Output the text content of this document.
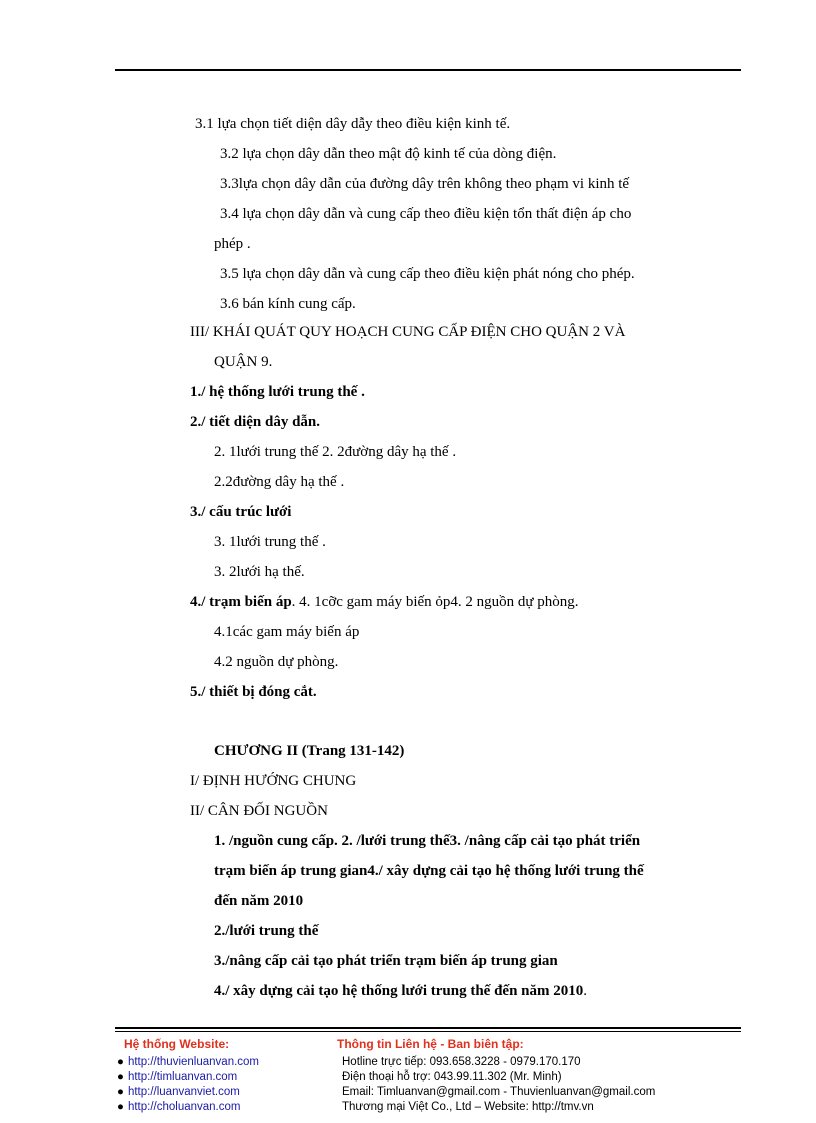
3.1 lựa chọn tiết diện dây dẫy theo điều kiện kinh tế.
3.2 lựa chọn dây dẫn theo mật độ kinh tế của dòng điện.
3.3lựa chọn dây dẫn của đường dây trên không theo phạm vi kinh tế
3.4 lựa chọn dây dẫn và cung cấp theo điều kiện tổn thất điện áp cho
phép .
3.5 lựa chọn dây dẫn và cung cấp theo điều kiện phát nóng cho phép.
3.6 bán kính cung cấp.
III/ KHÁI QUÁT QUY HOẠCH CUNG CẤP ĐIỆN CHO QUẬN 2 VÀ
QUẬN 9.
1./ hệ thống lưới trung thế .
2./ tiết diện dây dẫn.
2. 1lưới trung thế 2. 2đường dây hạ thế .
2.2đường dây hạ thế .
3./ cấu trúc lưới
3. 1lưới trung thế .
3. 2lưới hạ thế.
4./ trạm biến áp. 4. 1cỡc gam máy biến ỏp4. 2 nguồn dự phòng.
4.1các gam máy biến áp
4.2 nguồn dự phòng.
5./ thiết bị đóng cắt.
CHƯƠNG II (Trang 131-142)
I/ ĐỊNH HƯỚNG CHUNG
II/ CÂN ĐỐI NGUỒN
1. /nguồn cung cấp. 2. /lưới trung thế3. /nâng cấp cải tạo phát triển
trạm biến áp trung gian4./ xây dựng cải tạo hệ thống lưới trung thế
đến năm 2010
2./lưới trung thế
3./nâng cấp cải tạo phát triển trạm biến áp trung gian
4./ xây dựng cải tạo hệ thống lưới trung thế đến năm 2010.
Hệ thống Website:	Thông tin Liên hệ - Ban biên tập:
● http://thuvienluanvan.com
● http://timluanvan.com
● http://luanvanviet.com
● http://choluanvan.com
Hotline trực tiếp: 093.658.3228 - 0979.170.170
Điện thoại hỗ trợ: 043.99.11.302 (Mr. Minh)
Email: Timluanvan@gmail.com - Thuvienluanvan@gmail.com
Thương mại Việt Co., Ltd – Website: http://tmv.vn
